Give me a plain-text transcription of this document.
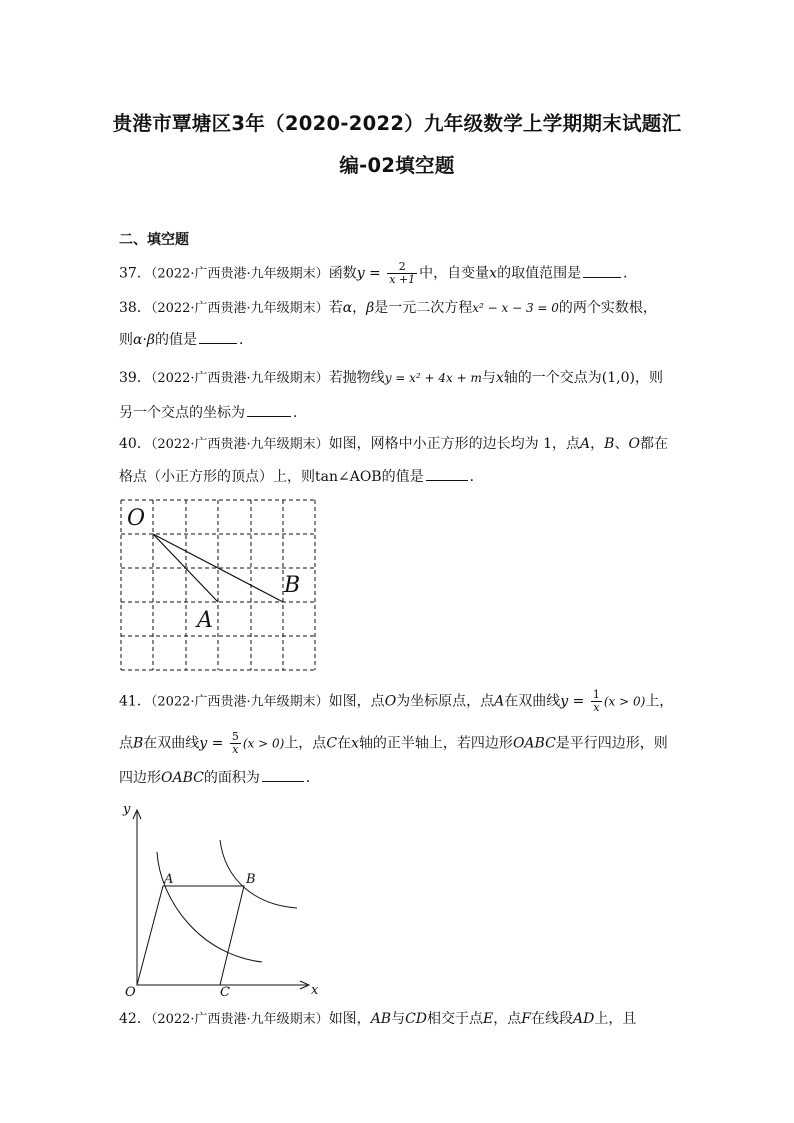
贵港市覃塘区3年（2020-2022）九年级数学上学期期末试题汇
编-02填空题
二、填空题
37．（2022·广西贵港·九年级期末）函数$y = \frac{2}{x +1}$ 中，自变量x的取值范围是	．
38．（2022·广西贵港·九年级期末）若α，β是一元二次方程x² − x − 3 = 0的两个实数根，
则α·β的值是	．
39．（2022·广西贵港·九年级期末）若抛物线y = x² + 4x + m与x轴的一个交点为(1,0)，则
另一个交点的坐标为	．
40．（2022·广西贵港·九年级期末）如图，网格中小正方形的边长均为 1，点A，B、O都在
格点（小正方形的顶点）上，则tan∠AOB的值是	．
O
A
B
41．（2022·广西贵港·九年级期末）如图，点O为坐标原点，点A在双曲线$y = \frac{1}{x} (x > 0)$上，
点B在双曲线$y = \frac{5}{x} (x > 0)$上，点C在x轴的正半轴上，若四边形OABC是平行四边形，则
四边形OABC的面积为	．
y
x
O
A	B
C
42．（2022·广西贵港·九年级期末）如图，AB与CD相交于点E，点F在线段AD上，且
